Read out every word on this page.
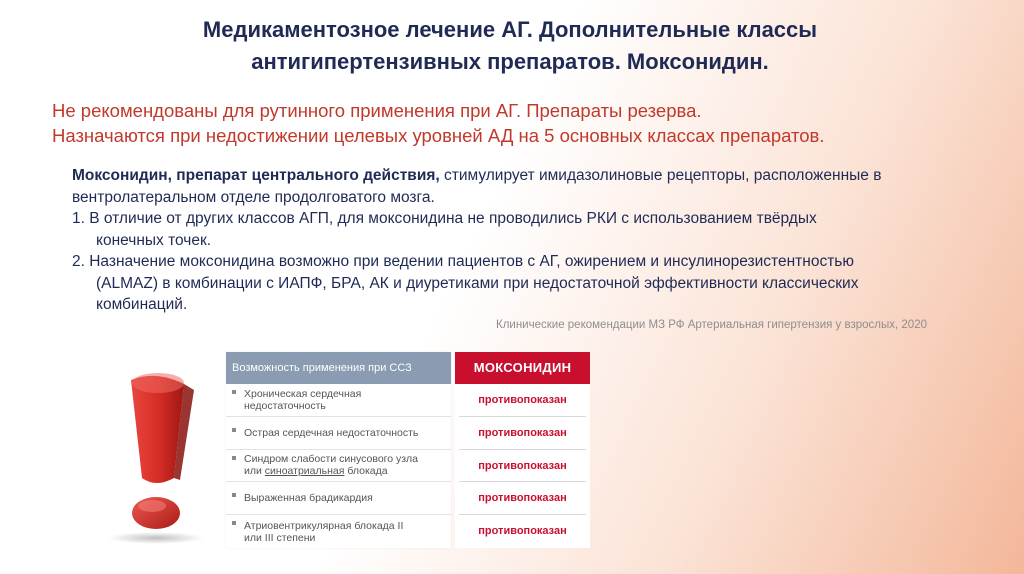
Медикаментозное лечение АГ. Дополнительные классы
антигипертензивных препаратов. Моксонидин.
Не рекомендованы для рутинного применения при АГ. Препараты резерва.
Назначаются при недостижении целевых уровней АД на 5 основных классах препаратов.

Моксонидин, препарат центрального действия, стимулирует имидазолиновые рецепторы, расположенные в вентролатеральном отделе продолговатого мозга.

1. В отличие от других классов АГП, для моксонидина не проводились РКИ с использованием твёрдых
конечных точек.

2. Назначение моксонидина возможно при ведении пациентов с АГ, ожирением и инсулинорезистентностью
(ALMAZ) в комбинации с ИАПФ, БРА, АК и диуретиками при недостаточной эффективности классических
комбинаций.

Клинические рекомендации МЗ РФ Артериальная гипертензия у взрослых, 2020
Возможность применения при ССЗ
Хроническая сердечная
недостаточность
Острая сердечная недостаточность
Синдром слабости синусового узла
или синоатриальная блокада
Выраженная брадикардия
Атриовентрикулярная блокада II
или III степени
МОКСОНИДИН
противопоказан
противопоказан
противопоказан
противопоказан
противопоказан
